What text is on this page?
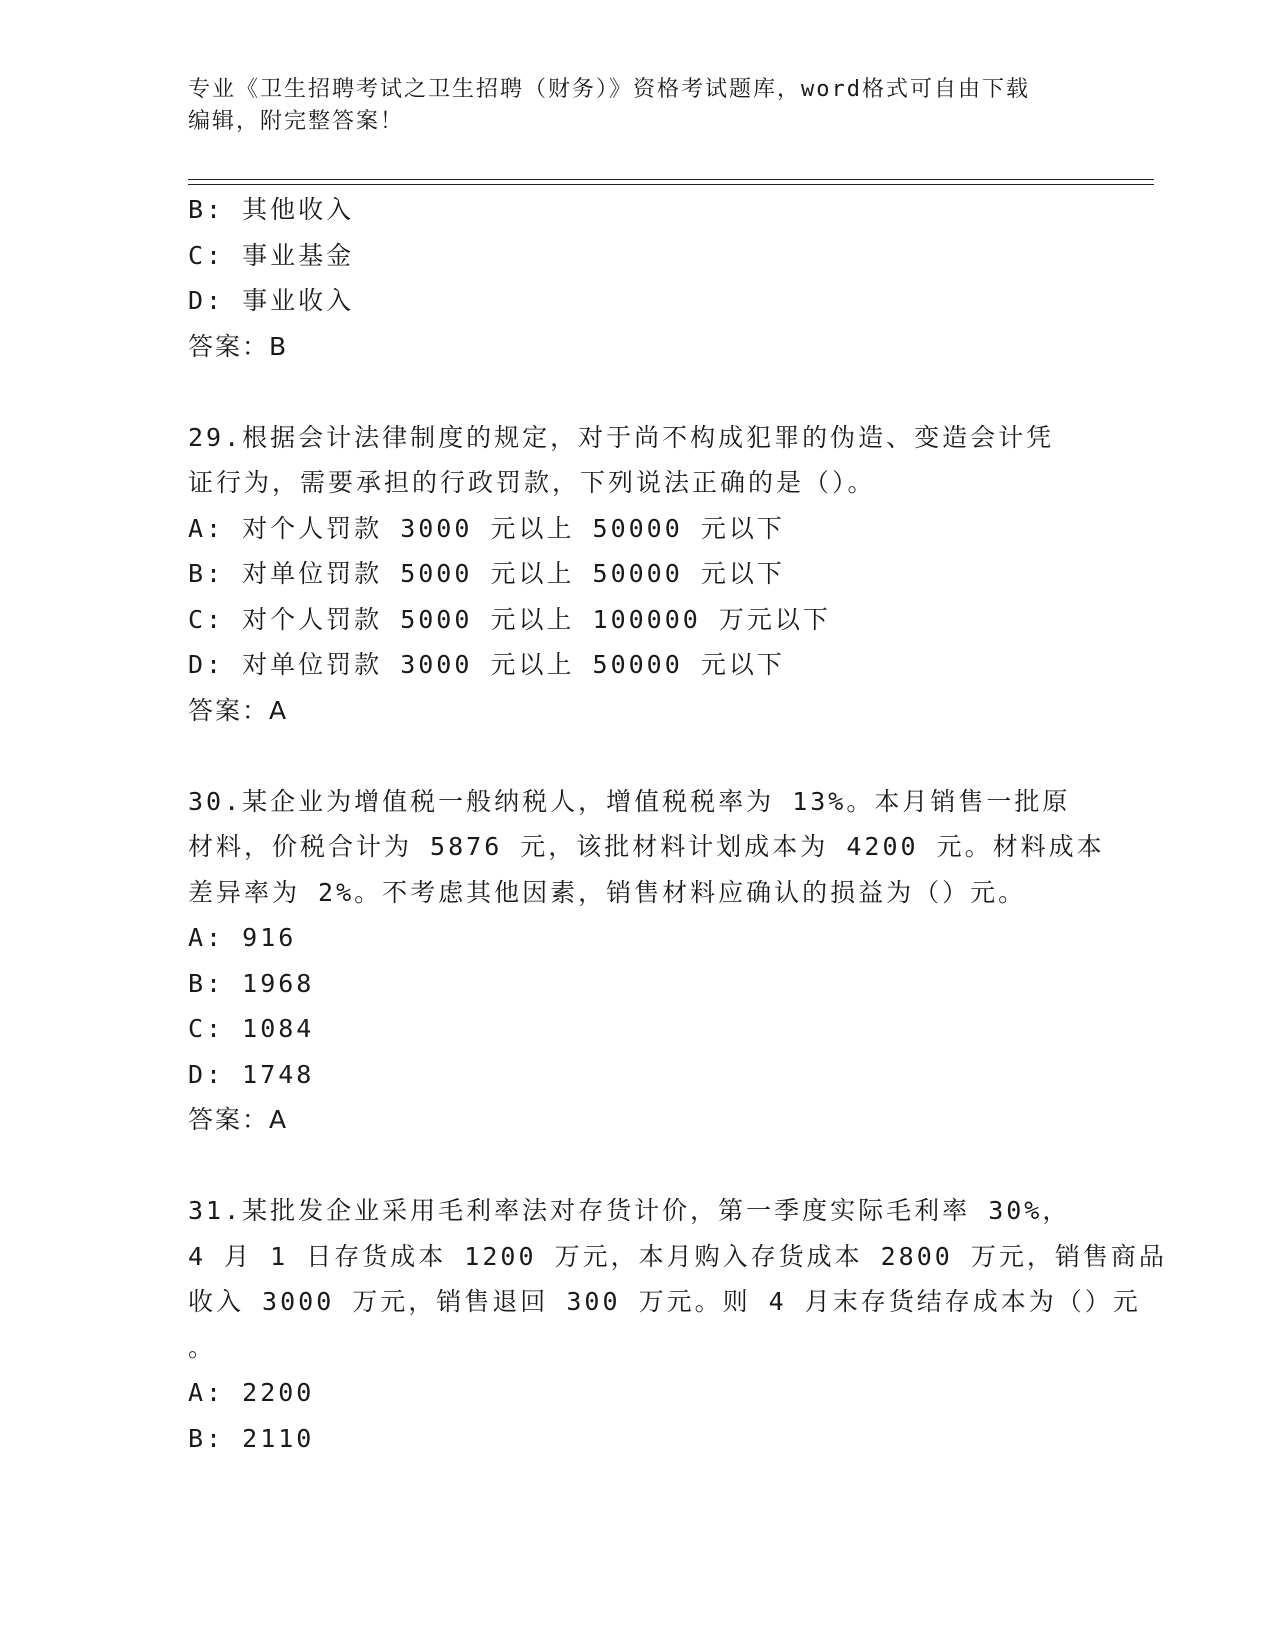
专业《卫生招聘考试之卫生招聘（财务）》资格考试题库，word格式可自由下载
编辑，附完整答案！
B: 其他收入
C: 事业基金
D: 事业收入
答案：B
29.根据会计法律制度的规定，对于尚不构成犯罪的伪造、变造会计凭
证行为，需要承担的行政罚款，下列说法正确的是（）。
A: 对个人罚款 3000 元以上 50000 元以下
B: 对单位罚款 5000 元以上 50000 元以下
C: 对个人罚款 5000 元以上 100000 万元以下
D: 对单位罚款 3000 元以上 50000 元以下
答案：A
30.某企业为增值税一般纳税人，增值税税率为 13%。本月销售一批原
材料，价税合计为 5876 元，该批材料计划成本为 4200 元。材料成本
差异率为 2%。不考虑其他因素，销售材料应确认的损益为（）元。
A: 916
B: 1968
C: 1084
D: 1748
答案：A
31.某批发企业采用毛利率法对存货计价，第一季度实际毛利率 30%，
4 月 1 日存货成本 1200 万元，本月购入存货成本 2800 万元，销售商品
收入 3000 万元，销售退回 300 万元。则 4 月末存货结存成本为（）元
。
A: 2200
B: 2110
